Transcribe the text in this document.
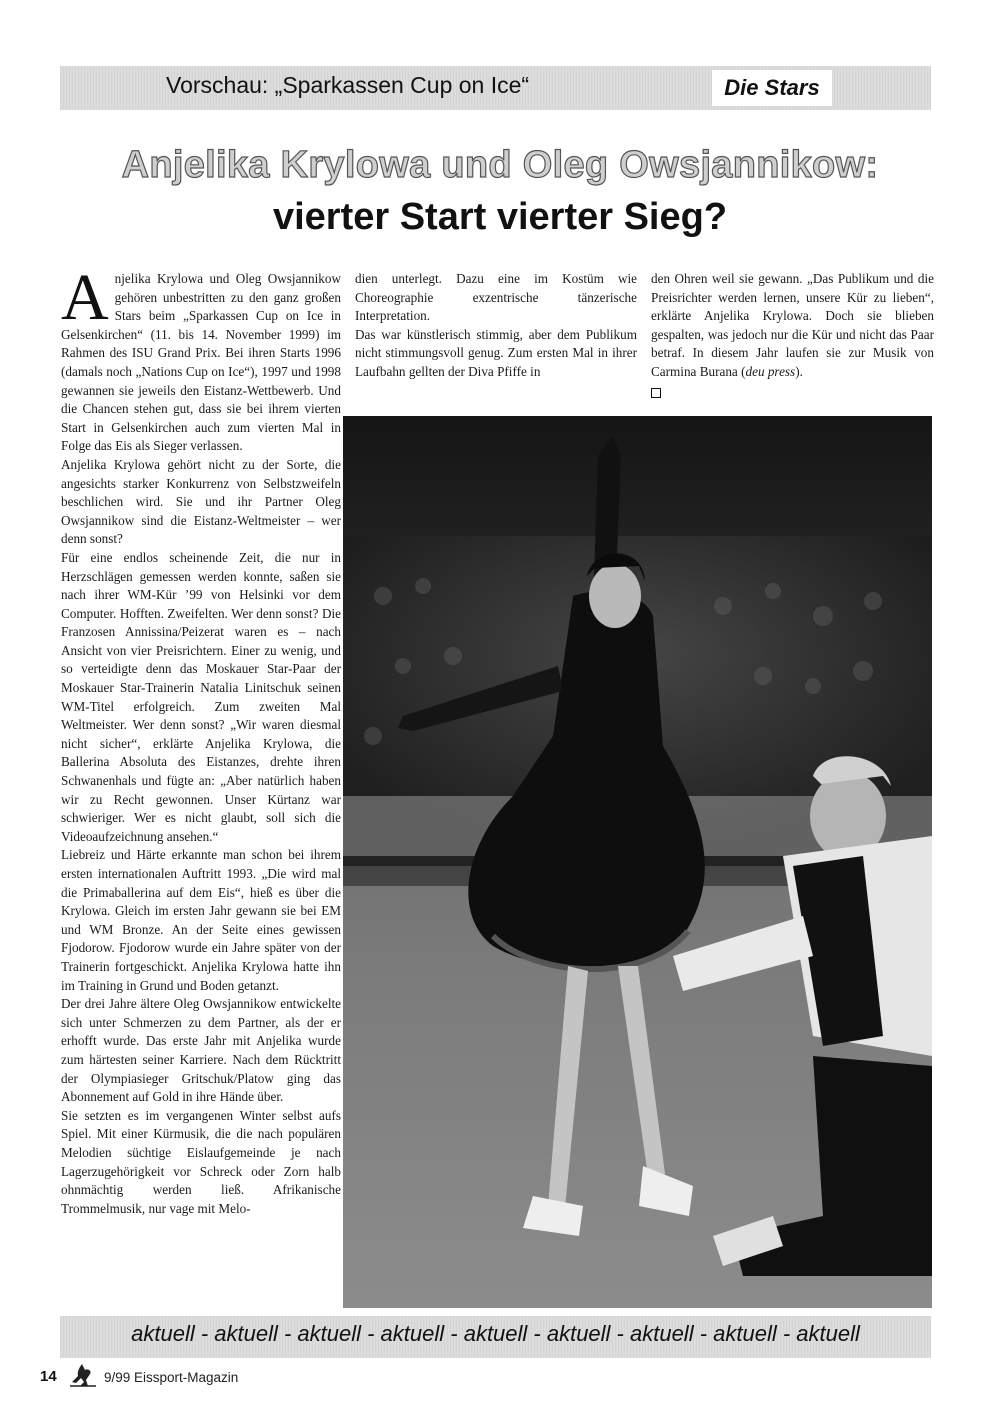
Vorschau: „Sparkassen Cup on Ice“	Die Stars
Anjelika Krylowa und Oleg Owsjannikow:
vierter Start vierter Sieg?

Anjelika Krylowa und Oleg Owsjannikow gehören unbestritten zu den ganz großen Stars beim „Sparkassen Cup on Ice in Gelsenkirchen“ (11. bis 14. November 1999) im Rahmen des ISU Grand Prix. Bei ihren Starts 1996 (damals noch „Nations Cup on Ice“), 1997 und 1998 gewannen sie jeweils den Eistanz-Wettbewerb. Und die Chancen stehen gut, dass sie bei ihrem vierten Start in Gelsenkirchen auch zum vierten Mal in Folge das Eis als Sieger verlassen.

Anjelika Krylowa gehört nicht zu der Sorte, die angesichts starker Konkurrenz von Selbstzweifeln beschlichen wird. Sie und ihr Partner Oleg Owsjannikow sind die Eistanz-Weltmeister – wer denn sonst?

Für eine endlos scheinende Zeit, die nur in Herzschlägen gemessen werden konnte, saßen sie nach ihrer WM-Kür ’99 von Helsinki vor dem Computer. Hofften. Zweifelten. Wer denn sonst? Die Franzosen Annissina/Peizerat waren es – nach Ansicht von vier Preisrichtern. Einer zu wenig, und so verteidigte denn das Moskauer Star-Paar der Moskauer Star-Trainerin Natalia Linitschuk seinen WM-Titel erfolgreich. Zum zweiten Mal Weltmeister. Wer denn sonst? „Wir waren diesmal nicht sicher“, erklärte Anjelika Krylowa, die Ballerina Absoluta des Eistanzes, drehte ihren Schwanenhals und fügte an: „Aber natürlich haben wir zu Recht gewonnen. Unser Kürtanz war schwieriger. Wer es nicht glaubt, soll sich die Videoaufzeichnung ansehen.“

Liebreiz und Härte erkannte man schon bei ihrem ersten internationalen Auftritt 1993. „Die wird mal die Primaballerina auf dem Eis“, hieß es über die Krylowa. Gleich im ersten Jahr gewann sie bei EM und WM Bronze. An der Seite eines gewissen Fjodorow. Fjodorow wurde ein Jahre später von der Trainerin fortgeschickt. Anjelika Krylowa hatte ihn im Training in Grund und Boden getanzt.

Der drei Jahre ältere Oleg Owsjannikow entwickelte sich unter Schmerzen zu dem Partner, als der er erhofft wurde. Das erste Jahr mit Anjelika wurde zum härtesten seiner Karriere. Nach dem Rücktritt der Olympiasieger Gritschuk/Platow ging das Abonnement auf Gold in ihre Hände über.

Sie setzten es im vergangenen Winter selbst aufs Spiel. Mit einer Kürmusik, die die nach populären Melodien süchtige Eislaufgemeinde je nach Lagerzugehörigkeit vor Schreck oder Zorn halb ohnmächtig werden ließ. Afrikanische Trommelmusik, nur vage mit Melo-

dien unterlegt. Dazu eine im Kostüm wie Choreographie exzentrische tänzerische Interpretation.

Das war künstlerisch stimmig, aber dem Publikum nicht stimmungsvoll genug. Zum ersten Mal in ihrer Laufbahn gellten der Diva Pfiffe in

den Ohren weil sie gewann. „Das Publikum und die Preisrichter werden lernen, unsere Kür zu lieben“, erklärte Anjelika Krylowa. Doch sie blieben gespalten, was jedoch nur die Kür und nicht das Paar betraf. In diesem Jahr laufen sie zur Musik von Carmina Burana (deu press).

aktuell - aktuell - aktuell - aktuell - aktuell - aktuell - aktuell - aktuell - aktuell
14	9/99 Eissport-Magazin
